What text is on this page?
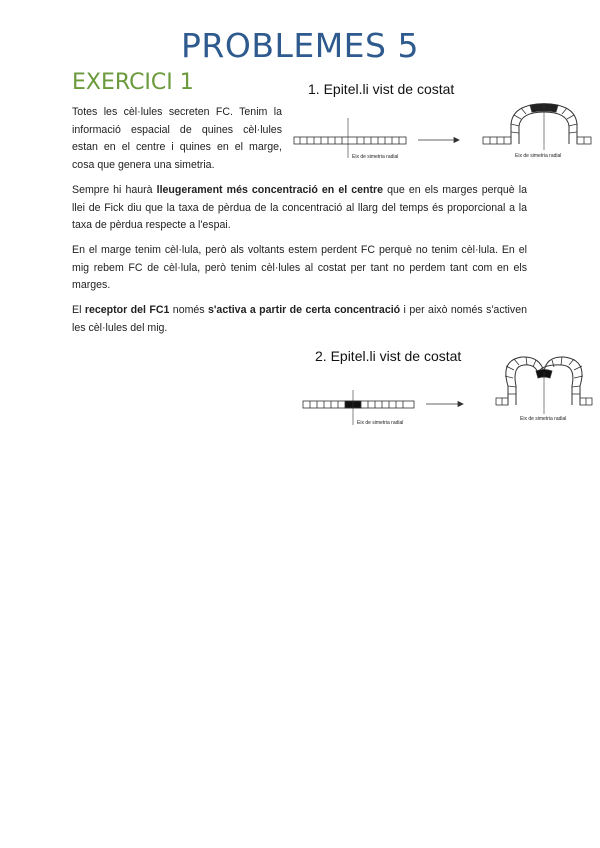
PROBLEMES 5
EXERCICI 1
Totes les cèl·lules secreten FC. Tenim la informació espacial de quines cèl·lules estan en el centre i quines en el marge, cosa que genera una simetria.
Sempre hi haurà lleugerament més concentració en el centre que en els marges perquè la llei de Fick diu que la taxa de pèrdua de la concentració al llarg del temps és proporcional a la taxa de pèrdua respecte a l'espai.
En el marge tenim cèl·lula, però als voltants estem perdent FC perquè no tenim cèl·lula. En el mig rebem FC de cèl·lula, però tenim cèl·lules al costat per tant no perdem tant com en els marges.
El receptor del FC1 només s'activa a partir de certa concentració i per això només s'activen les cèl·lules del mig.
1. Epitel.li vist de costat
Eix de simetria radial	Eix de simetria radial
2. Epitel.li vist de costat
Eix de simetria radial
Eix de simetria radial
